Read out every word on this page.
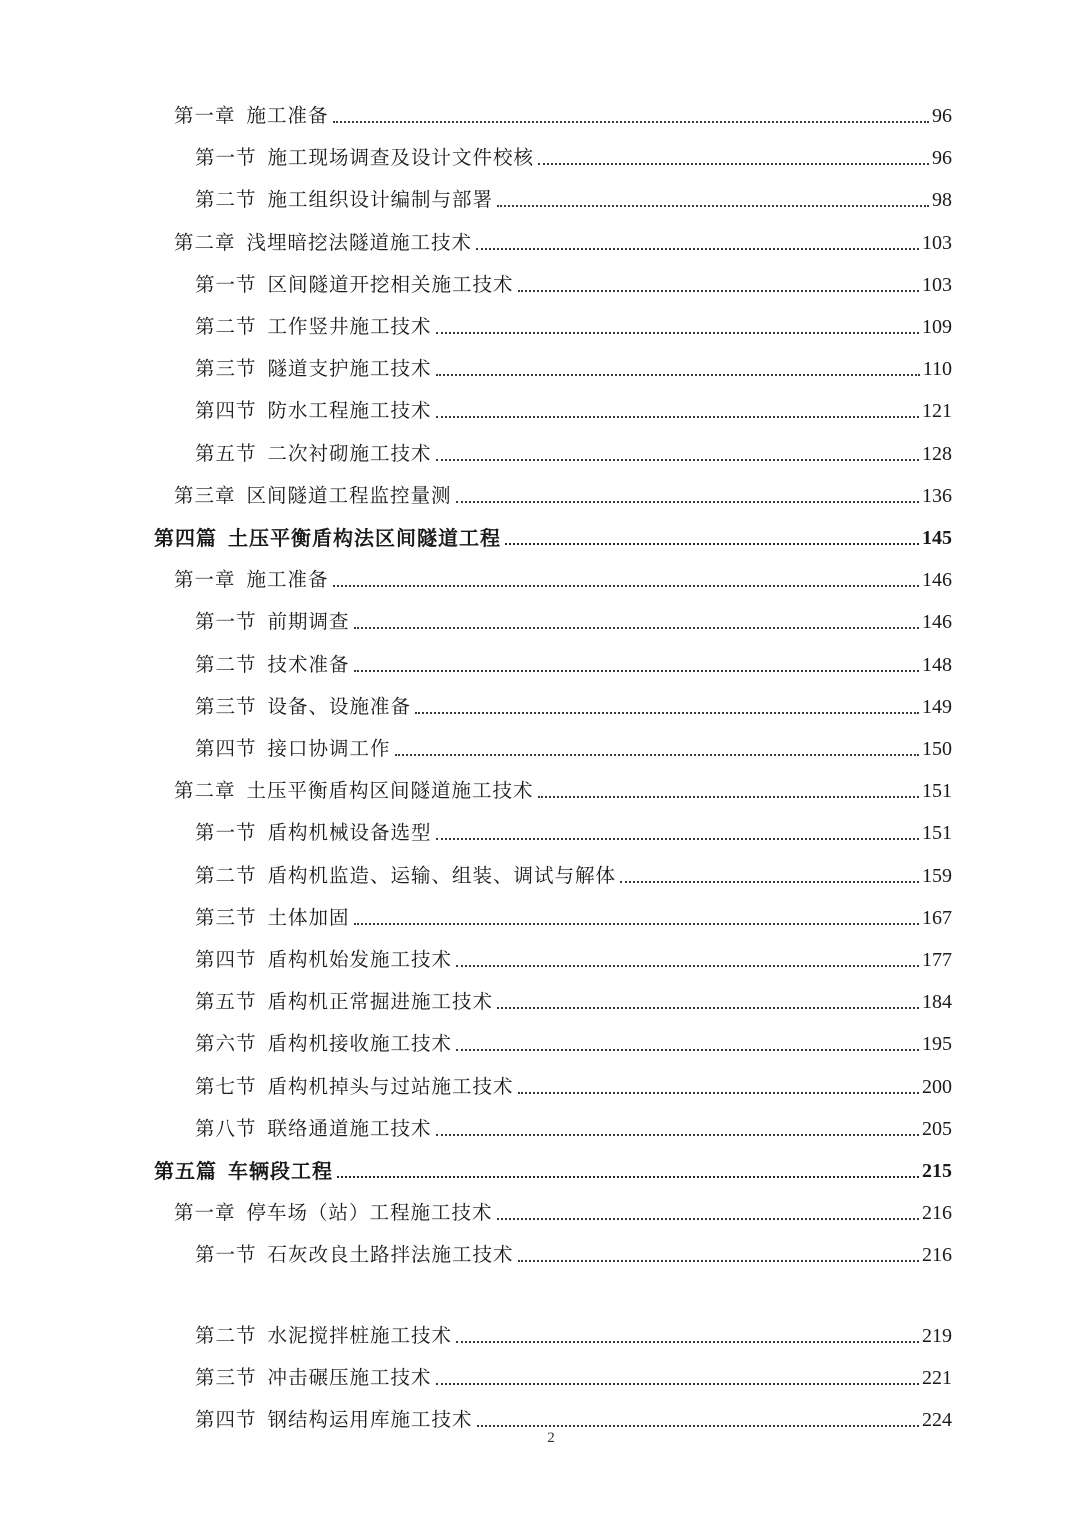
第一章 施工准备	96
第一节 施工现场调查及设计文件校核	96
第二节 施工组织设计编制与部署	98
第二章 浅埋暗挖法隧道施工技术	103
第一节 区间隧道开挖相关施工技术	103
第二节 工作竖井施工技术	109
第三节 隧道支护施工技术	110
第四节 防水工程施工技术	121
第五节 二次衬砌施工技术	128
第三章 区间隧道工程监控量测	136
第四篇 土压平衡盾构法区间隧道工程	145
第一章 施工准备	146
第一节 前期调查	146
第二节 技术准备	148
第三节 设备、设施准备	149
第四节 接口协调工作	150
第二章 土压平衡盾构区间隧道施工技术	151
第一节 盾构机械设备选型	151
第二节 盾构机监造、运输、组装、调试与解体	159
第三节 土体加固	167
第四节 盾构机始发施工技术	177
第五节 盾构机正常掘进施工技术	184
第六节 盾构机接收施工技术	195
第七节 盾构机掉头与过站施工技术	200
第八节 联络通道施工技术	205
第五篇 车辆段工程	215
第一章 停车场（站）工程施工技术	216
第一节 石灰改良土路拌法施工技术	216
第二节 水泥搅拌桩施工技术	219
第三节 冲击碾压施工技术	221
第四节 钢结构运用库施工技术	224
2
